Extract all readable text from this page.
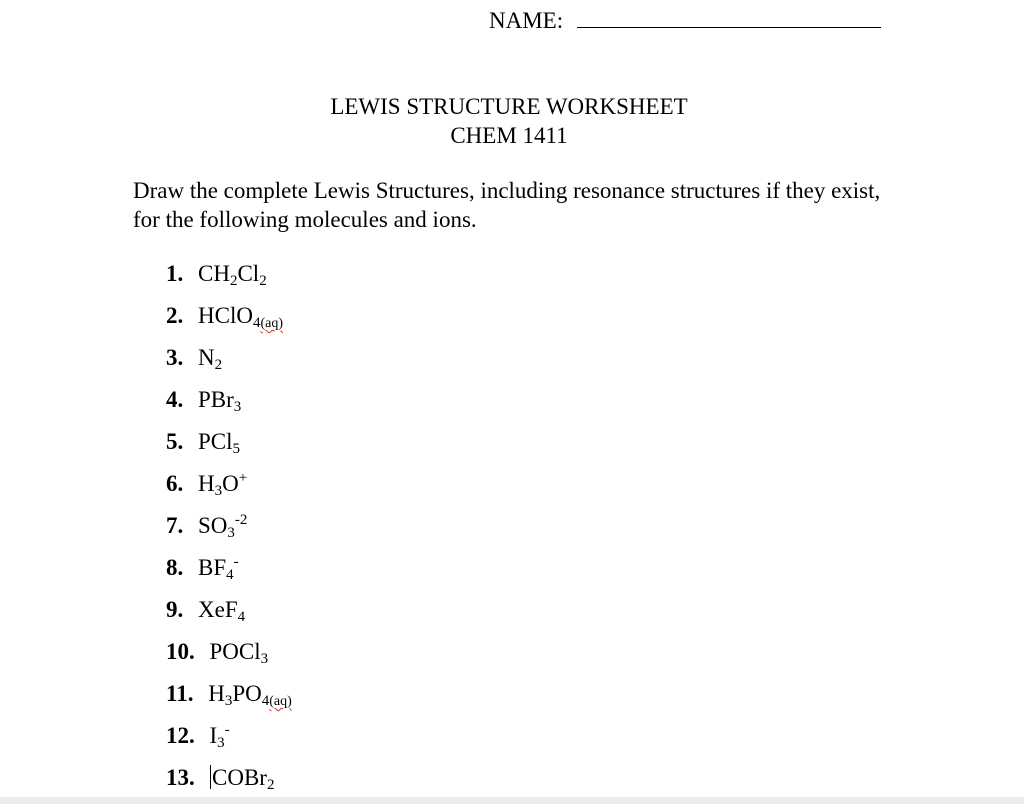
NAME:
LEWIS STRUCTURE WORKSHEET
CHEM 1411
Draw the complete Lewis Structures, including resonance structures if they exist, for the following molecules and ions.
1. $CH_2Cl_2$
2. HClO$_4$(aq)
3. $N_2$
4. PBr$_3$
5. PCl$_5$
6. $H_3O^+$
7. $SO_3^{-2}$
8. $BF_4^-$
9. XeF$_4$
10. POCl$_3$
11. $H_3PO_4(aq)$
12. $I_3^-$
13. COBr$_2$
